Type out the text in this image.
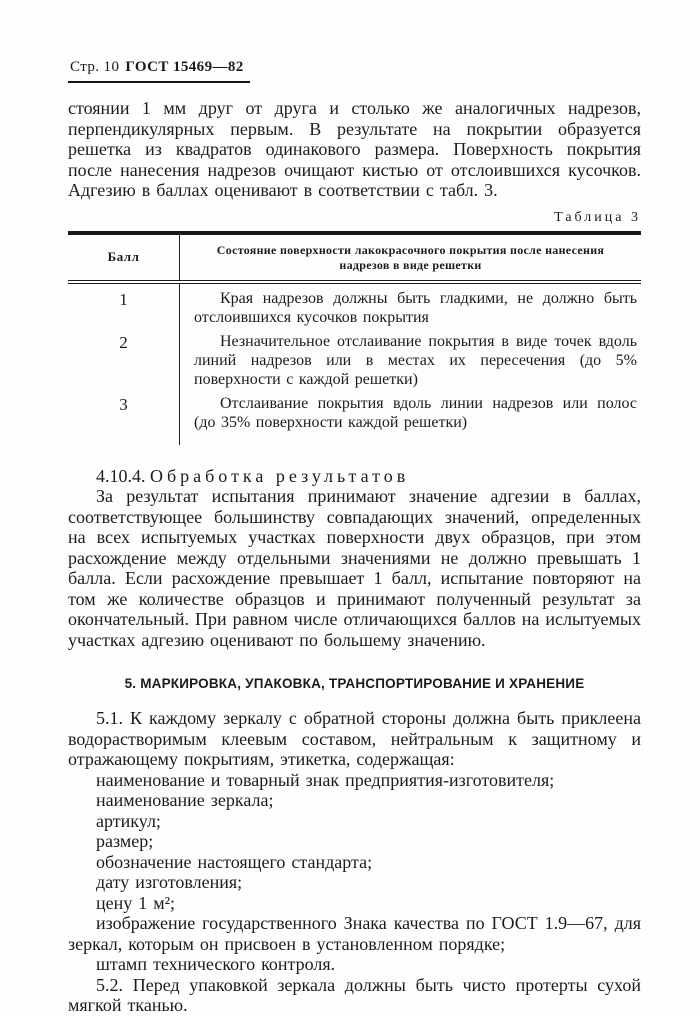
Стр. 10 ГОСТ 15469—82

стоянии 1 мм друг от друга и столько же аналогичных надрезов, перпендикулярных первым. В результате на покрытии образуется решетка из квадратов одинакового размера. Поверхность покрытия после нанесения надрезов очищают кистью от отслоившихся кусочков. Адгезию в баллах оценивают в соответствии с табл. 3.

Таблица 3
Балл	Состояние поверхности лакокрасочного покрытия после нанесения надрезов в виде решетки
1	Края надрезов должны быть гладкими, не должно быть отслоившихся кусочков покрытия
2	Незначительное отслаивание покрытия в виде точек вдоль линий надрезов или в местах их пересечения (до 5% поверхности с каждой решетки)
3	Отслаивание покрытия вдоль линии надрезов или полос (до 35% поверхности каждой решетки)
4.10.4. Обработка результатов

За результат испытания принимают значение адгезии в баллах, соответствующее большинству совпадающих значений, определенных на всех испытуемых участках поверхности двух образцов, при этом расхождение между отдельными значениями не должно превышать 1 балла. Если расхождение превышает 1 балл, испытание повторяют на том же количестве образцов и принимают полученный результат за окончательный. При равном числе отличающихся баллов на ислытуемых участках адгезию оценивают по большему значению.

5. МАРКИРОВКА, УПАКОВКА, ТРАНСПОРТИРОВАНИЕ И ХРАНЕНИЕ

5.1. К каждому зеркалу с обратной стороны должна быть приклеена водорастворимым клеевым составом, нейтральным к защитному и отражающему покрытиям, этикетка, содержащая:

наименование и товарный знак предприятия-изготовителя;
наименование зеркала;
артикул;
размер;
обозначение настоящего стандарта;
дату изготовления;
цену 1 м²;
изображение государственного Знака качества по ГОСТ 1.9—67, для зеркал, которым он присвоен в установленном порядке;
штамп технического контроля.

5.2. Перед упаковкой зеркала должны быть чисто протерты сухой мягкой тканью.
